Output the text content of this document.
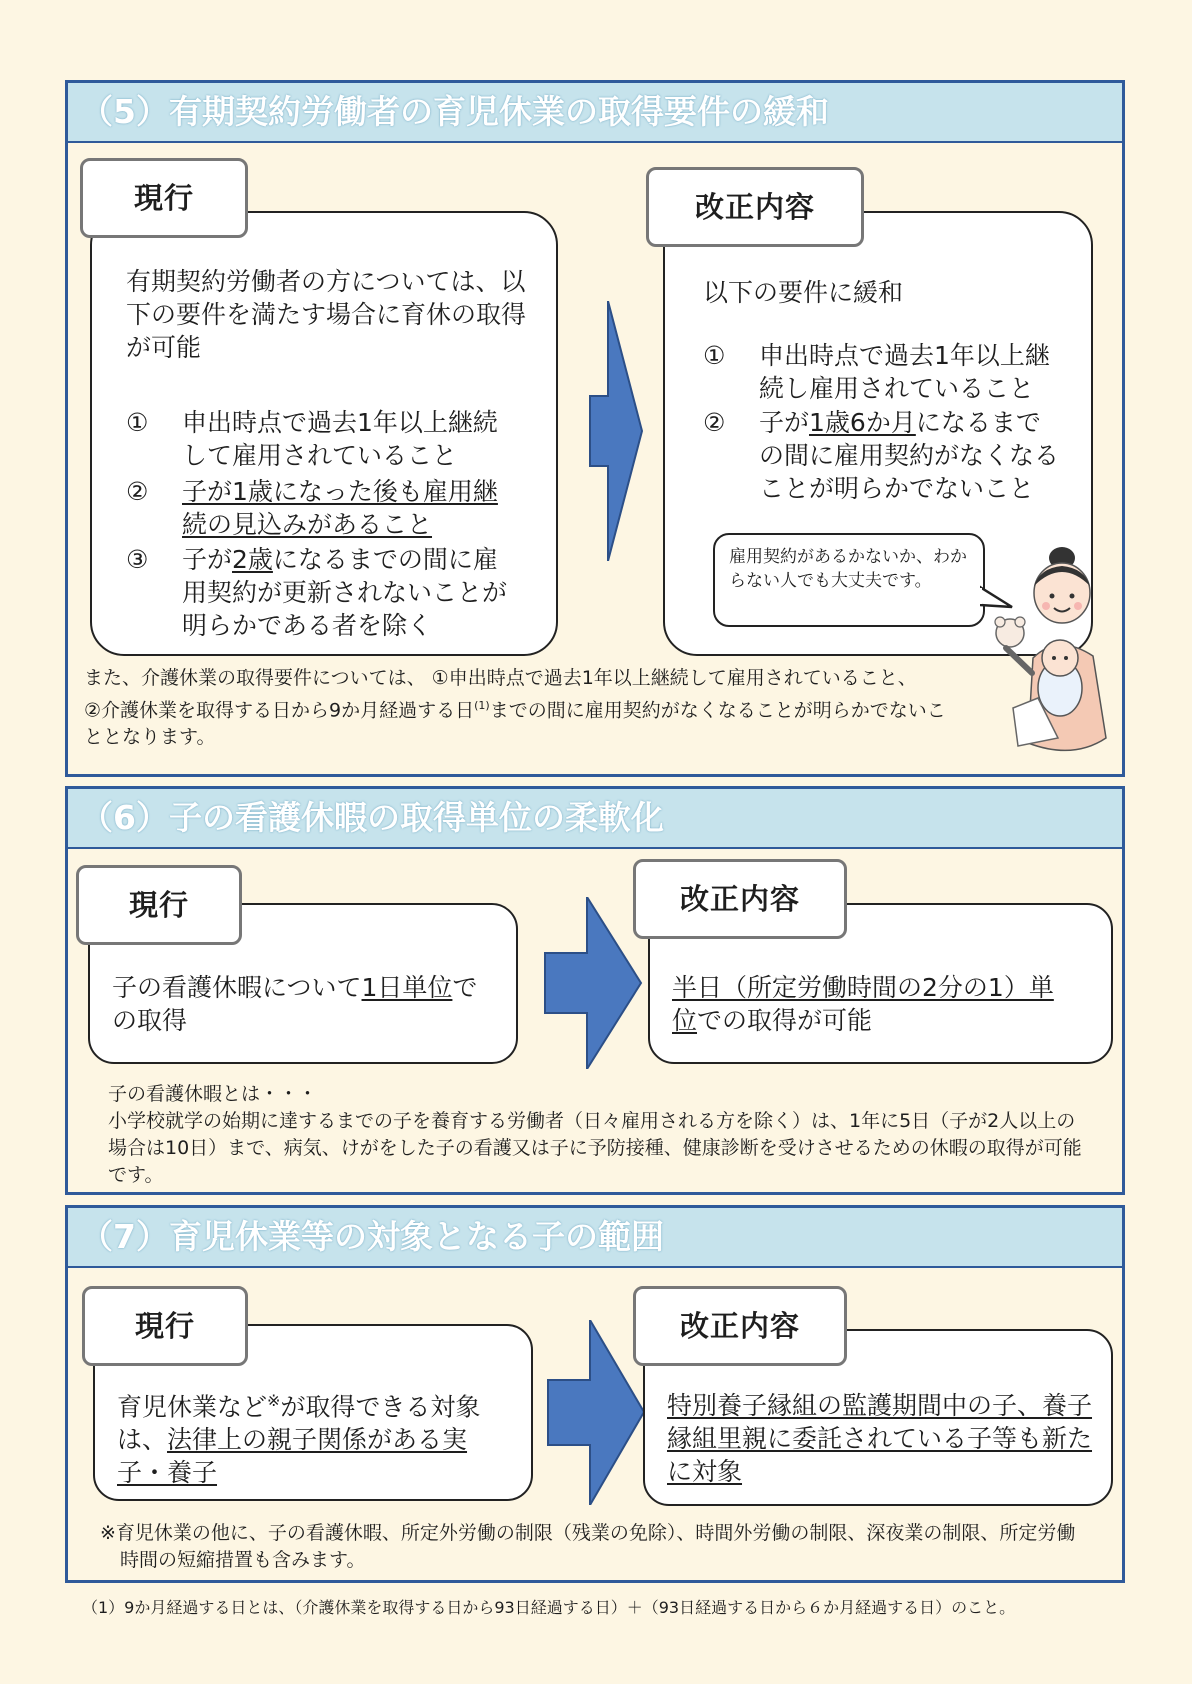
（5）有期契約労働者の育児休業の取得要件の緩和
有期契約労働者の方については、以下の要件を満たす場合に育休の取得が可能
① 申出時点で過去1年以上継続して雇用されていること
② 子が1歳になった後も雇用継続の見込みがあること
③ 子が2歳になるまでの間に雇用契約が更新されないことが明らかである者を除く
現行
以下の要件に緩和
① 申出時点で過去1年以上継続し雇用されていること
② 子が1歳6か月になるまでの間に雇用契約がなくなることが明らかでないこと
改正内容
雇用契約があるかないか、わからない人でも大丈夫です。
また、介護休業の取得要件については、 ①申出時点で過去1年以上継続して雇用されていること、
②介護休業を取得する日から9か月経過する日$^{(1)}$までの間に雇用契約がなくなることが明らかでないこととなります。
（6）子の看護休暇の取得単位の柔軟化
子の看護休暇について1日単位での取得
現行
半日（所定労働時間の2分の1）単
位での取得が可能
改正内容
子の看護休暇とは・・・
小学校就学の始期に達するまでの子を養育する労働者（日々雇用される方を除く）は、1年に5日（子が2人以上の場合は10日）まで、病気、けがをした子の看護又は子に予防接種、健康診断を受けさせるための休暇の取得が可能です。
（7）育児休業等の対象となる子の範囲
育児休業など※が取得できる対象は、法律上の親子関係がある実子・養子
現行
特別養子縁組の監護期間中の子、養子縁組里親に委託されている子等も新たに対象
改正内容
※育児休業の他に、子の看護休暇、所定外労働の制限（残業の免除）、時間外労働の制限、深夜業の制限、所定労働時間の短縮措置も含みます。
（1）9か月経過する日とは、（介護休業を取得する日から93日経過する日）＋（93日経過する日から６か月経過する日）のこと。
